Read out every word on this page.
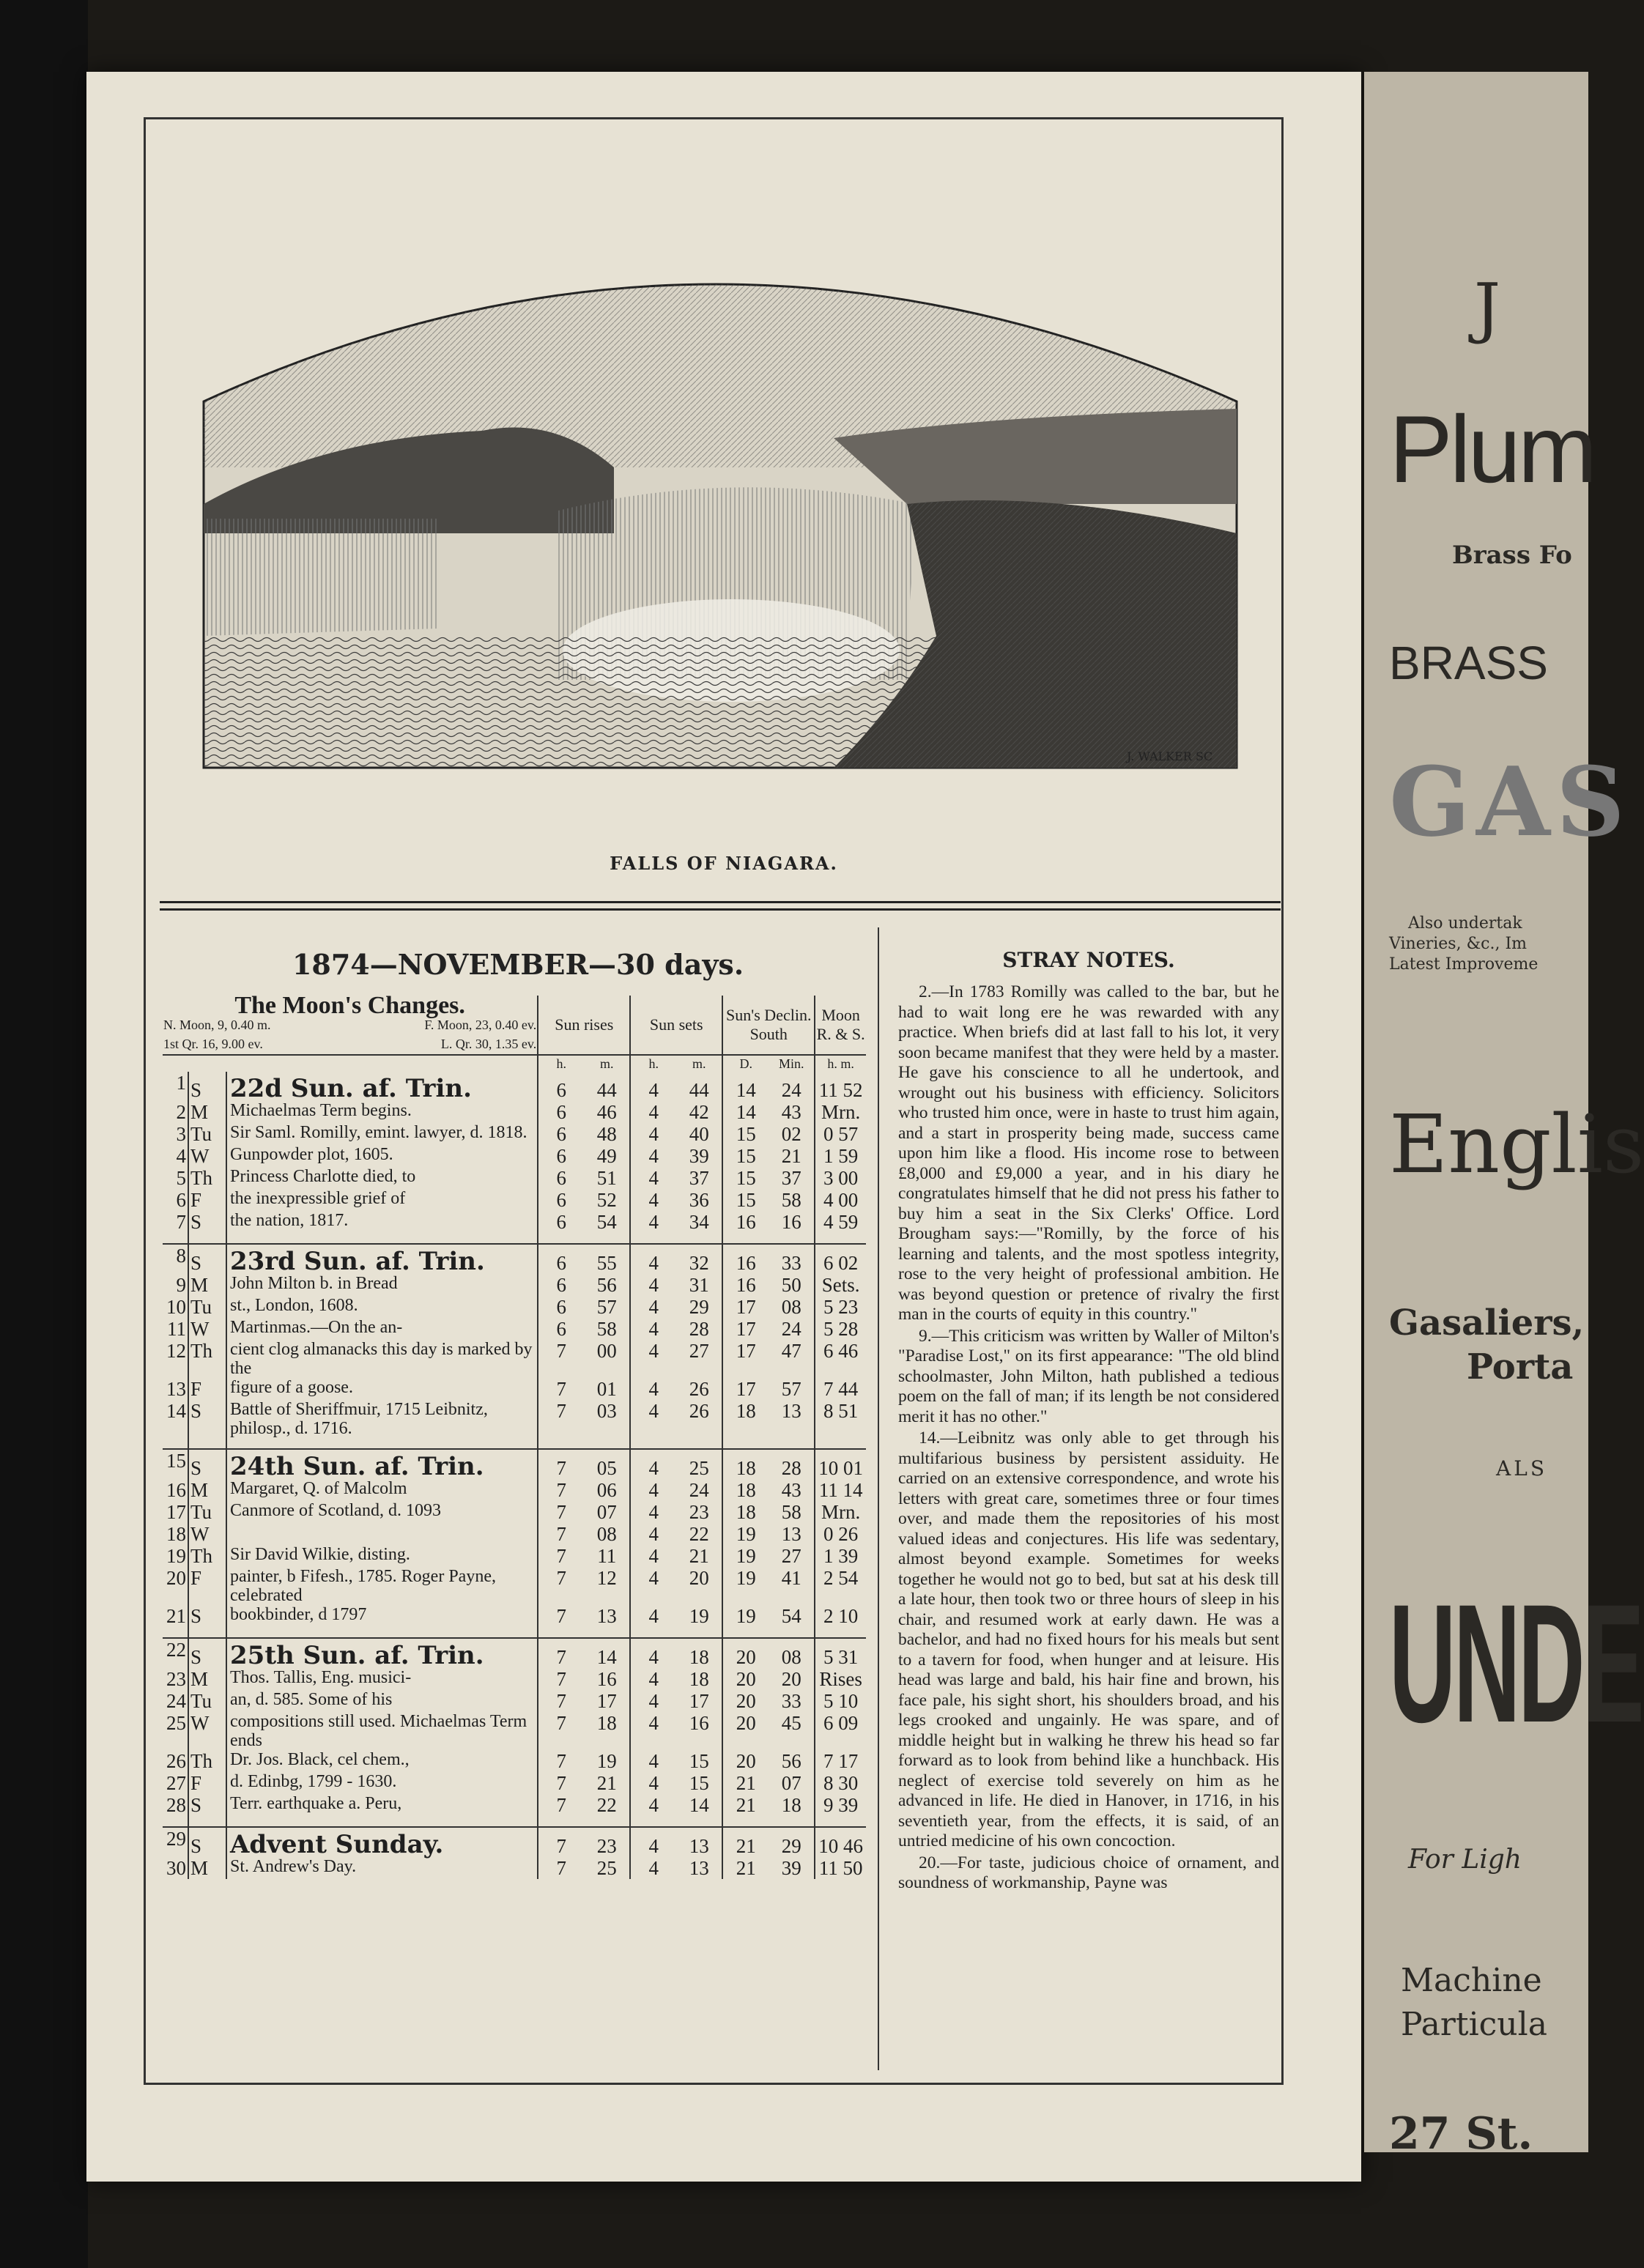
J. WALKER SC
FALLS OF NIAGARA.
1874—NOVEMBER—30 days.
The Moon's Changes.
N. Moon, 9, 0.40 m. F. Moon, 23, 0.40 ev.
1st Qr. 16, 9.00 ev. L. Qr. 30, 1.35 ev.			Sun rises		Sun sets		Sun's Declin. South		Moon R. & S.
			h.	m.	h.	m.	D.	Min.	h. m.
1	S	22d Sun. af. Trin.	6	44	4	44	14	24	11 52
2	M	Michaelmas Term begins.	6	46	4	42	14	43	Mrn.
3	Tu	Sir Saml. Romilly, emint. lawyer, d. 1818.	6	48	4	40	15	02	0 57
4	W	Gunpowder plot, 1605.	6	49	4	39	15	21	1 59
5	Th	Princess Charlotte died, to	6	51	4	37	15	37	3 00
6	F	the inexpressible grief of	6	52	4	36	15	58	4 00
7	S	the nation, 1817.	6	54	4	34	16	16	4 59
8	S	23rd Sun. af. Trin.	6	55	4	32	16	33	6 02
9	M	John Milton b. in Bread	6	56	4	31	16	50	Sets.
10	Tu	st., London, 1608.	6	57	4	29	17	08	5 23
11	W	Martinmas.—On the an-	6	58	4	28	17	24	5 28
12	Th	cient clog almanacks this day is marked by the	7	00	4	27	17	47	6 46
13	F	figure of a goose.	7	01	4	26	17	57	7 44
14	S	Battle of Sheriffmuir, 1715 Leibnitz, philosp., d. 1716.	7	03	4	26	18	13	8 51
15	S	24th Sun. af. Trin.	7	05	4	25	18	28	10 01
16	M	Margaret, Q. of Malcolm	7	06	4	24	18	43	11 14
17	Tu	Canmore of Scotland, d. 1093	7	07	4	23	18	58	Mrn.
18	W		7	08	4	22	19	13	0 26
19	Th	Sir David Wilkie, disting.	7	11	4	21	19	27	1 39
20	F	painter, b Fifesh., 1785. Roger Payne, celebrated	7	12	4	20	19	41	2 54
21	S	bookbinder, d 1797	7	13	4	19	19	54	2 10
22	S	25th Sun. af. Trin.	7	14	4	18	20	08	5 31
23	M	Thos. Tallis, Eng. musici-	7	16	4	18	20	20	Rises
24	Tu	an, d. 585. Some of his	7	17	4	17	20	33	5 10
25	W	compositions still used. Michaelmas Term ends	7	18	4	16	20	45	6 09
26	Th	Dr. Jos. Black, cel chem.,	7	19	4	15	20	56	7 17
27	F	d. Edinbg, 1799 - 1630.	7	21	4	15	21	07	8 30
28	S	Terr. earthquake a. Peru,	7	22	4	14	21	18	9 39
29	S	Advent Sunday.	7	23	4	13	21	29	10 46
30	M	St. Andrew's Day.	7	25	4	13	21	39	11 50
STRAY NOTES.

2.—In 1783 Romilly was called to the bar, but he had to wait long ere he was rewarded with any practice. When briefs did at last fall to his lot, it very soon became manifest that they were held by a master. He gave his conscience to all he undertook, and wrought out his business with efficiency. Solicitors who trusted him once, were in haste to trust him again, and a start in prosperity being made, success came upon him like a flood. His income rose to between £8,000 and £9,000 a year, and in his diary he congratulates himself that he did not press his father to buy him a seat in the Six Clerks' Office. Lord Brougham says:—"Romilly, by the force of his learning and talents, and the most spotless integrity, rose to the very height of professional ambition. He was beyond question or pretence of rivalry the first man in the courts of equity in this country."

9.—This criticism was written by Waller of Milton's "Paradise Lost," on its first appearance: "The old blind schoolmaster, John Milton, hath published a tedious poem on the fall of man; if its length be not considered merit it has no other."

14.—Leibnitz was only able to get through his multifarious business by persistent assiduity. He carried on an extensive correspondence, and wrote his letters with great care, sometimes three or four times over, and made them the repositories of his most valued ideas and conjectures. His life was sedentary, almost beyond example. Sometimes for weeks together he would not go to bed, but sat at his desk till a late hour, then took two or three hours of sleep in his chair, and resumed work at early dawn. He was a bachelor, and had no fixed hours for his meals but sent to a tavern for food, when hunger and at leisure. His head was large and bald, his hair fine and brown, his face pale, his sight short, his shoulders broad, and his legs crooked and ungainly. He was spare, and of middle height but in walking he threw his head so far forward as to look from behind like a hunchback. His neglect of exercise told severely on him as he advanced in life. He died in Hanover, in 1716, in his seventieth year, from the effects, it is said, of an untried medicine of his own concoction.

20.—For taste, judicious choice of ornament, and soundness of workmanship, Payne was

J
Plum
Brass Fo
BRASS
GAS
Also undertak
Vineries, &c., Im
Latest Improveme
Englis
Gasaliers,
Porta
ALS
UNDE
For Ligh
Machine
Particula
27 St.
